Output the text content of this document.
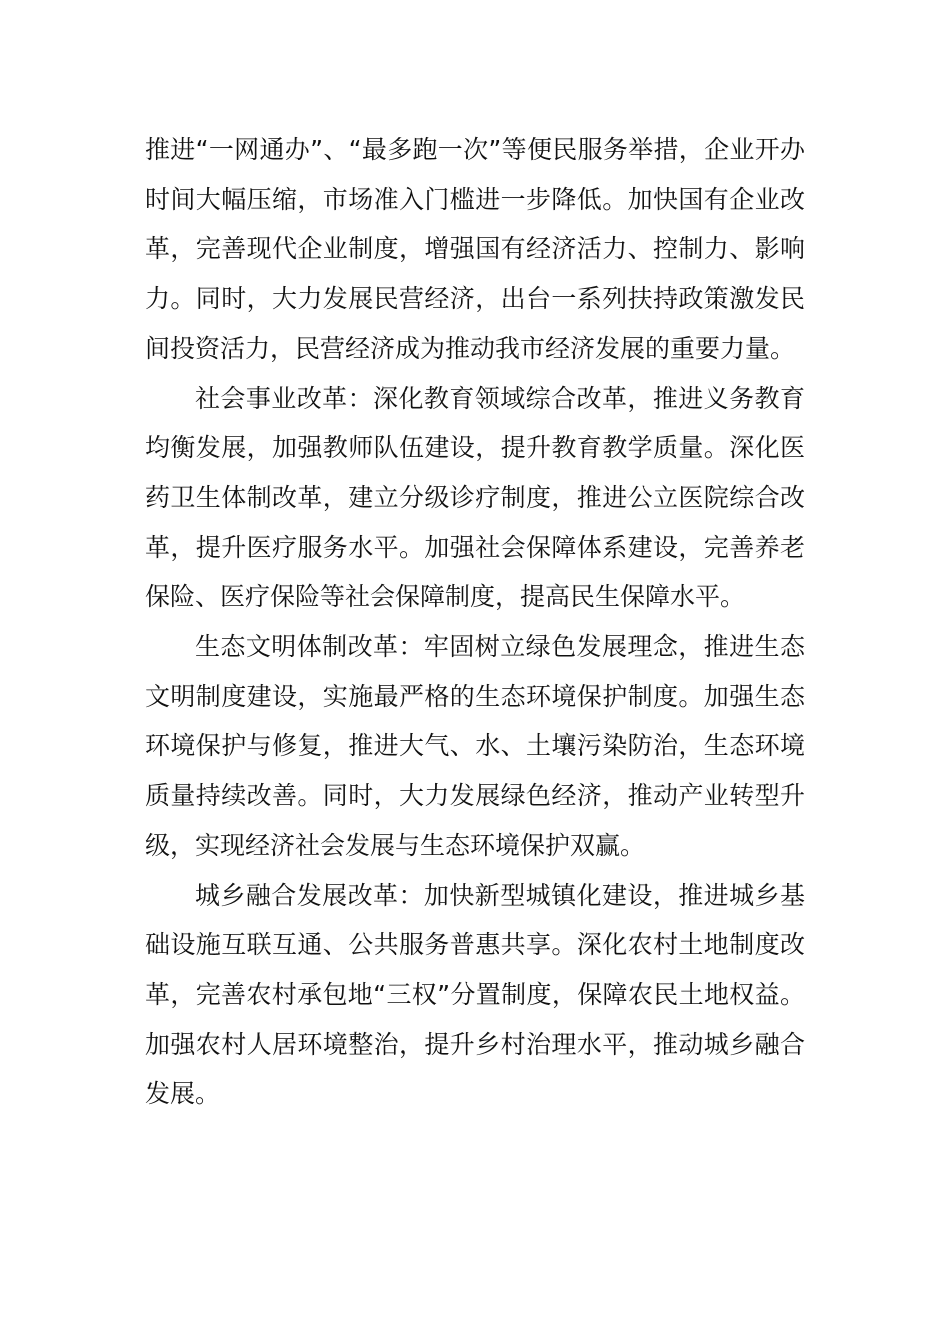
推进“一网通办”、“最多跑一次”等便民服务举措，企业开办时间大幅压缩，市场准入门槛进一步降低。加快国有企业改革，完善现代企业制度，增强国有经济活力、控制力、影响力。同时，大力发展民营经济，出台一系列扶持政策激发民间投资活力，民营经济成为推动我市经济发展的重要力量。

社会事业改革：深化教育领域综合改革，推进义务教育均衡发展，加强教师队伍建设，提升教育教学质量。深化医药卫生体制改革，建立分级诊疗制度，推进公立医院综合改革，提升医疗服务水平。加强社会保障体系建设，完善养老保险、医疗保险等社会保障制度，提高民生保障水平。

生态文明体制改革：牢固树立绿色发展理念，推进生态文明制度建设，实施最严格的生态环境保护制度。加强生态环境保护与修复，推进大气、水、土壤污染防治，生态环境质量持续改善。同时，大力发展绿色经济，推动产业转型升级，实现经济社会发展与生态环境保护双赢。

城乡融合发展改革：加快新型城镇化建设，推进城乡基础设施互联互通、公共服务普惠共享。深化农村土地制度改革，完善农村承包地“三权”分置制度，保障农民土地权益。加强农村人居环境整治，提升乡村治理水平，推动城乡融合发展。
